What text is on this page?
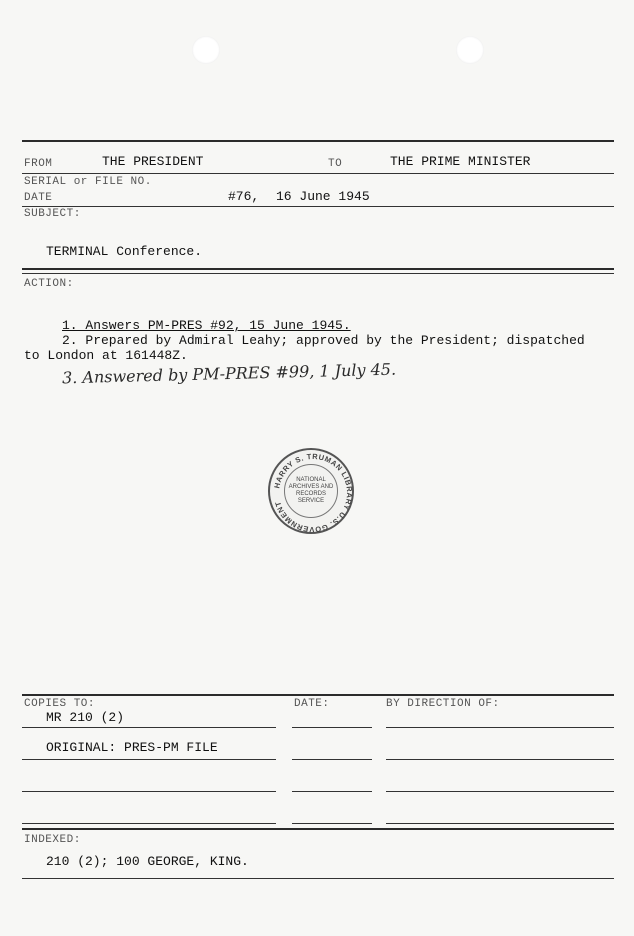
FROM	THE PRESIDENT	TO	THE PRIME MINISTER
SERIAL or FILE NO.
DATE	#76, 16 June 1945
SUBJECT:
TERMINAL Conference.
ACTION:
1. Answers PM-PRES #92, 15 June 1945.
2. Prepared by Admiral Leahy; approved by the President; dispatched
to London at 161448Z.
3. Answered by PM-PRES #99, 1 July 45.
HARRY S. TRUMAN LIBRARY U.S. GOVERNMENT
NATIONAL
ARCHIVES AND
RECORDS
SERVICE
COPIES TO:	DATE:	BY DIRECTION OF:
MR 210 (2)
ORIGINAL: PRES-PM FILE
INDEXED:
210 (2); 100 GEORGE, KING.
